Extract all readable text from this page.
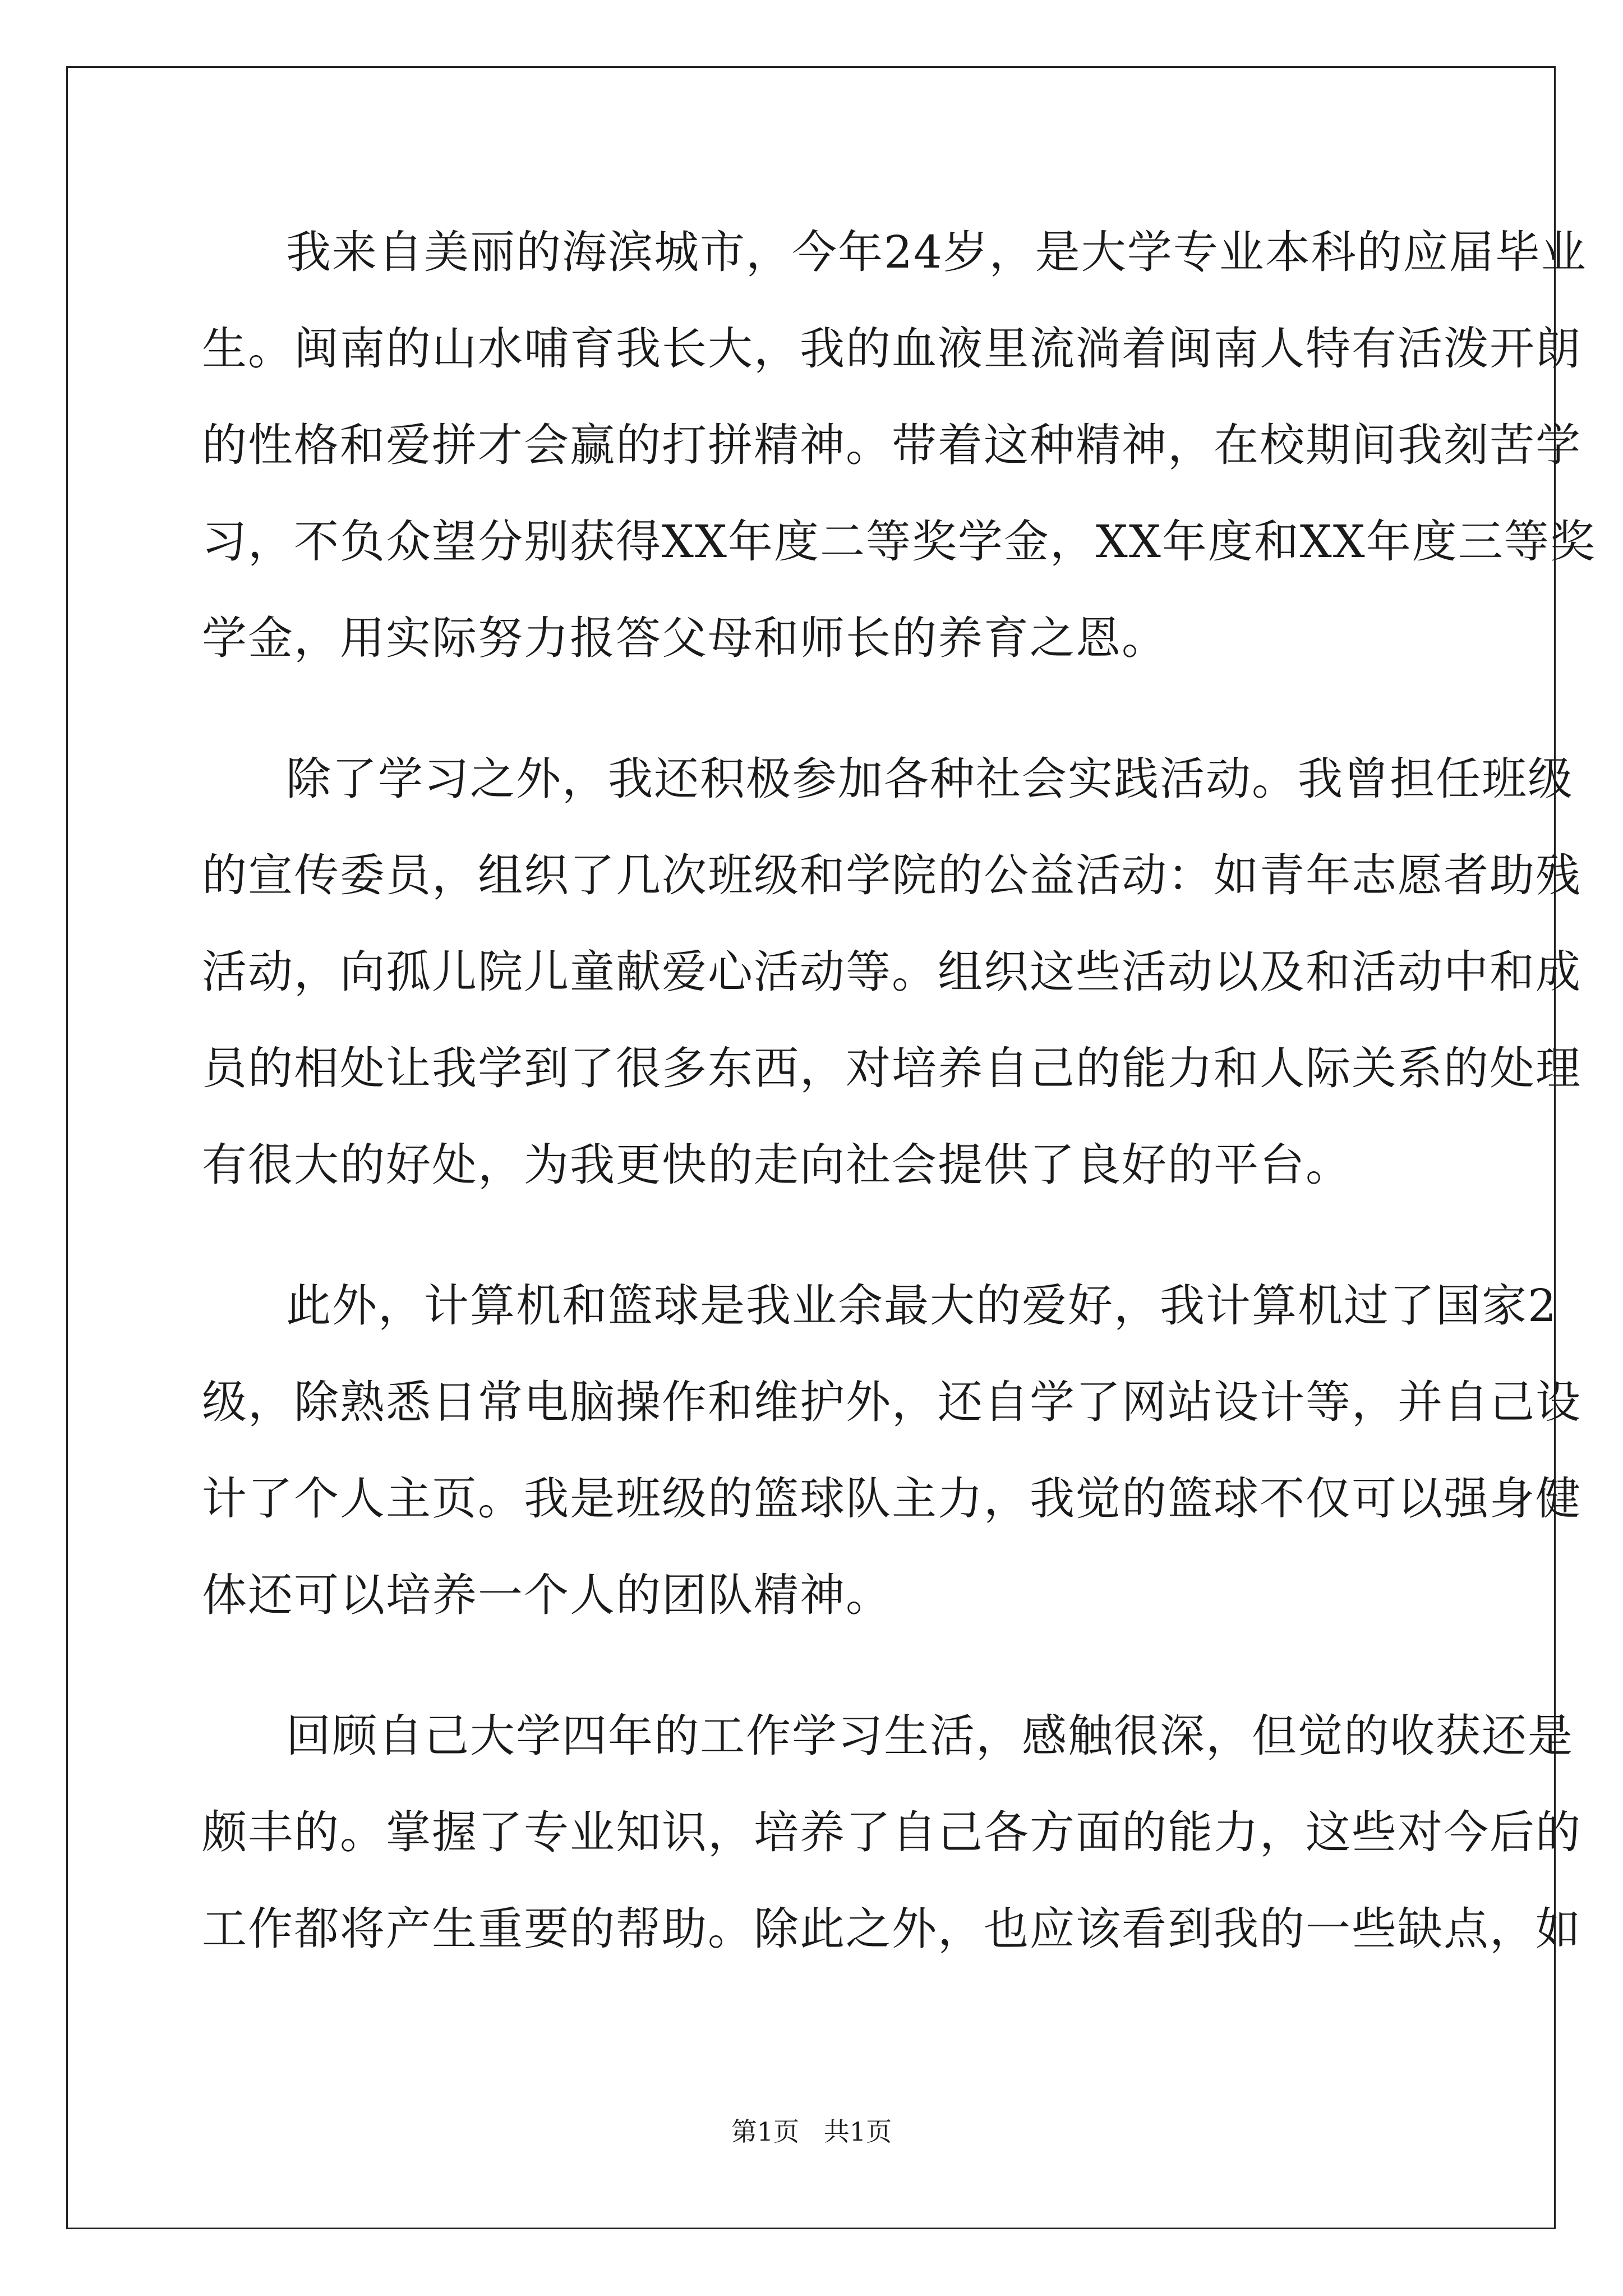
我来自美丽的海滨城市，今年24岁，是大学专业本科的应届毕业
生。闽南的山水哺育我长大，我的血液里流淌着闽南人特有活泼开朗
的性格和爱拼才会赢的打拼精神。带着这种精神，在校期间我刻苦学
习，不负众望分别获得XX年度二等奖学金，XX年度和XX年度三等奖
学金，用实际努力报答父母和师长的养育之恩。
除了学习之外，我还积极参加各种社会实践活动。我曾担任班级
的宣传委员，组织了几次班级和学院的公益活动：如青年志愿者助残
活动，向孤儿院儿童献爱心活动等。组织这些活动以及和活动中和成
员的相处让我学到了很多东西，对培养自己的能力和人际关系的处理
有很大的好处，为我更快的走向社会提供了良好的平台。
此外，计算机和篮球是我业余最大的爱好，我计算机过了国家2
级，除熟悉日常电脑操作和维护外，还自学了网站设计等，并自己设
计了个人主页。我是班级的篮球队主力，我觉的篮球不仅可以强身健
体还可以培养一个人的团队精神。
回顾自己大学四年的工作学习生活，感触很深，但觉的收获还是
颇丰的。掌握了专业知识，培养了自己各方面的能力，这些对今后的
工作都将产生重要的帮助。除此之外，也应该看到我的一些缺点，如
第1页   共1页
